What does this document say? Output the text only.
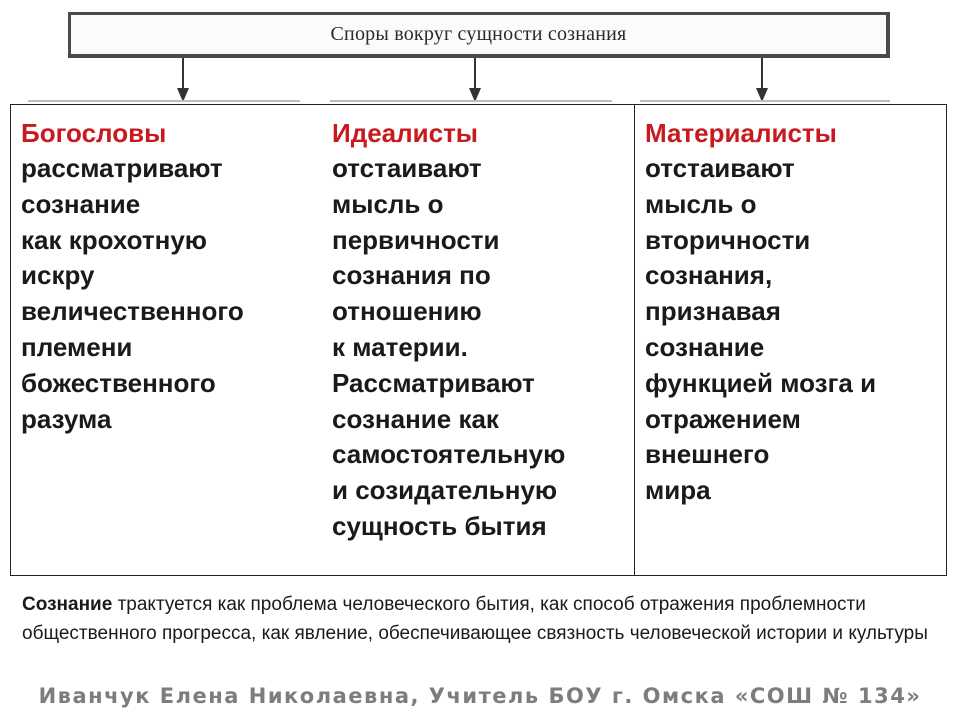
Споры вокруг сущности сознания
Богословы
рассматривают
сознание
как крохотную
искру
величественного
племени
божественного
разума
Идеалисты
отстаивают
мысль о
первичности
сознания по
отношению
к материи.
Рассматривают
сознание как
самостоятельную
и созидательную
сущность бытия
Материалисты
отстаивают
мысль о
вторичности
сознания,
признавая
сознание
функцией мозга и
отражением
внешнего
мира
Сознание трактуется как проблема человеческого бытия, как способ отражения проблемности общественного прогресса, как явление, обеспечивающее связность человеческой истории и культуры
Иванчук Елена Николаевна, Учитель БОУ г. Омска «СОШ № 134»
